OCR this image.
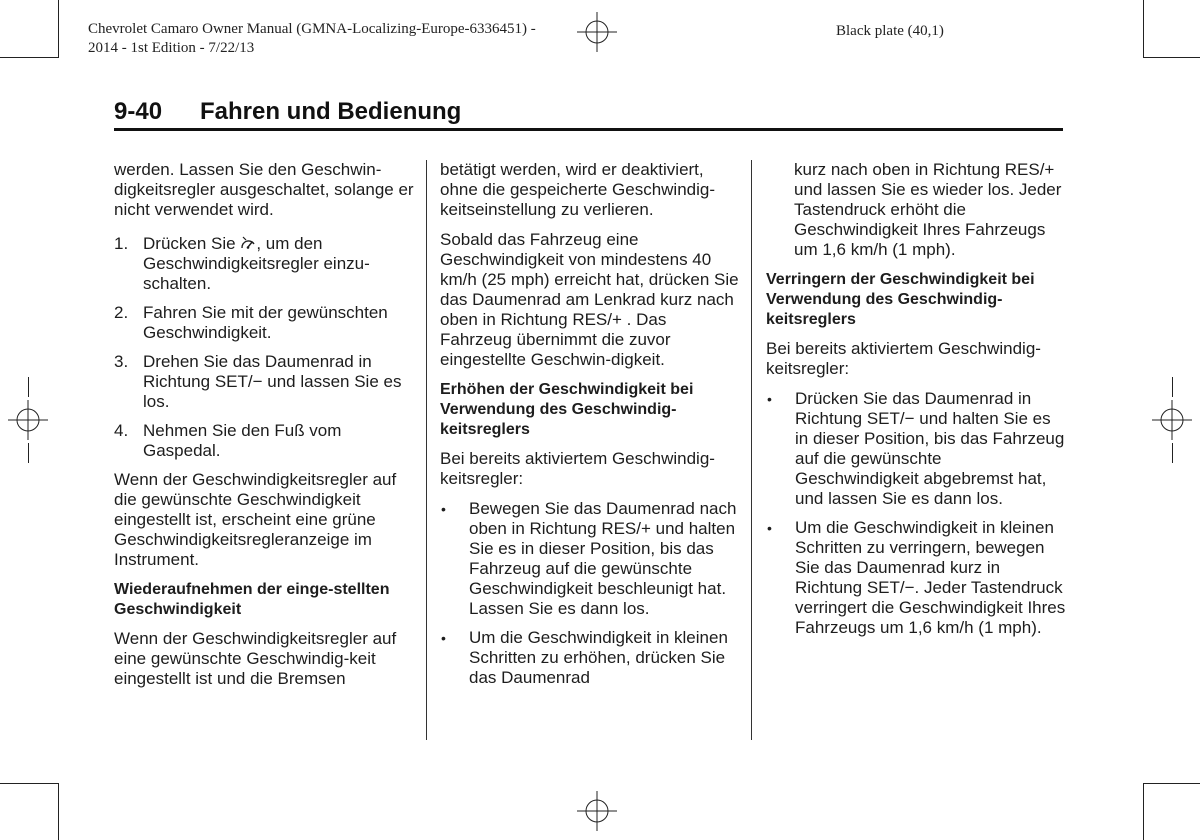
Chevrolet Camaro Owner Manual (GMNA-Localizing-Europe-6336451) -
2014 - 1st Edition - 7/22/13
Black plate (40,1)
9-40 Fahren und Bedienung

werden. Lassen Sie den Geschwin-digkeitsregler ausgeschaltet, solange er nicht verwendet wird.

1. Drücken Sie , um den Geschwindigkeitsregler einzu-schalten.
2. Fahren Sie mit der gewünschten Geschwindigkeit.
3. Drehen Sie das Daumenrad in Richtung SET/− und lassen Sie es los.
4. Nehmen Sie den Fuß vom Gaspedal.

Wenn der Geschwindigkeitsregler auf die gewünschte Geschwindigkeit eingestellt ist, erscheint eine grüne Geschwindigkeitsregleranzeige im Instrument.

Wiederaufnehmen der einge-stellten Geschwindigkeit

Wenn der Geschwindigkeitsregler auf eine gewünschte Geschwindig-keit eingestellt ist und die Bremsen

betätigt werden, wird er deaktiviert, ohne die gespeicherte Geschwindig-keitseinstellung zu verlieren.

Sobald das Fahrzeug eine Geschwindigkeit von mindestens 40 km/h (25 mph) erreicht hat, drücken Sie das Daumenrad am Lenkrad kurz nach oben in Richtung RES/+ . Das Fahrzeug übernimmt die zuvor eingestellte Geschwin-digkeit.

Erhöhen der Geschwindigkeit bei Verwendung des Geschwindig-keitsreglers

Bei bereits aktiviertem Geschwindig-keitsregler:

• Bewegen Sie das Daumenrad nach oben in Richtung RES/+ und halten Sie es in dieser Position, bis das Fahrzeug auf die gewünschte Geschwindigkeit beschleunigt hat. Lassen Sie es dann los.
• Um die Geschwindigkeit in kleinen Schritten zu erhöhen, drücken Sie das Daumenrad

kurz nach oben in Richtung RES/+ und lassen Sie es wieder los. Jeder Tastendruck erhöht die Geschwindigkeit Ihres Fahrzeugs um 1,6 km/h (1 mph).

Verringern der Geschwindigkeit bei Verwendung des Geschwindig-keitsreglers

Bei bereits aktiviertem Geschwindig-keitsregler:

• Drücken Sie das Daumenrad in Richtung SET/− und halten Sie es in dieser Position, bis das Fahrzeug auf die gewünschte Geschwindigkeit abgebremst hat, und lassen Sie es dann los.
• Um die Geschwindigkeit in kleinen Schritten zu verringern, bewegen Sie das Daumenrad kurz in Richtung SET/−. Jeder Tastendruck verringert die Geschwindigkeit Ihres Fahrzeugs um 1,6 km/h (1 mph).
